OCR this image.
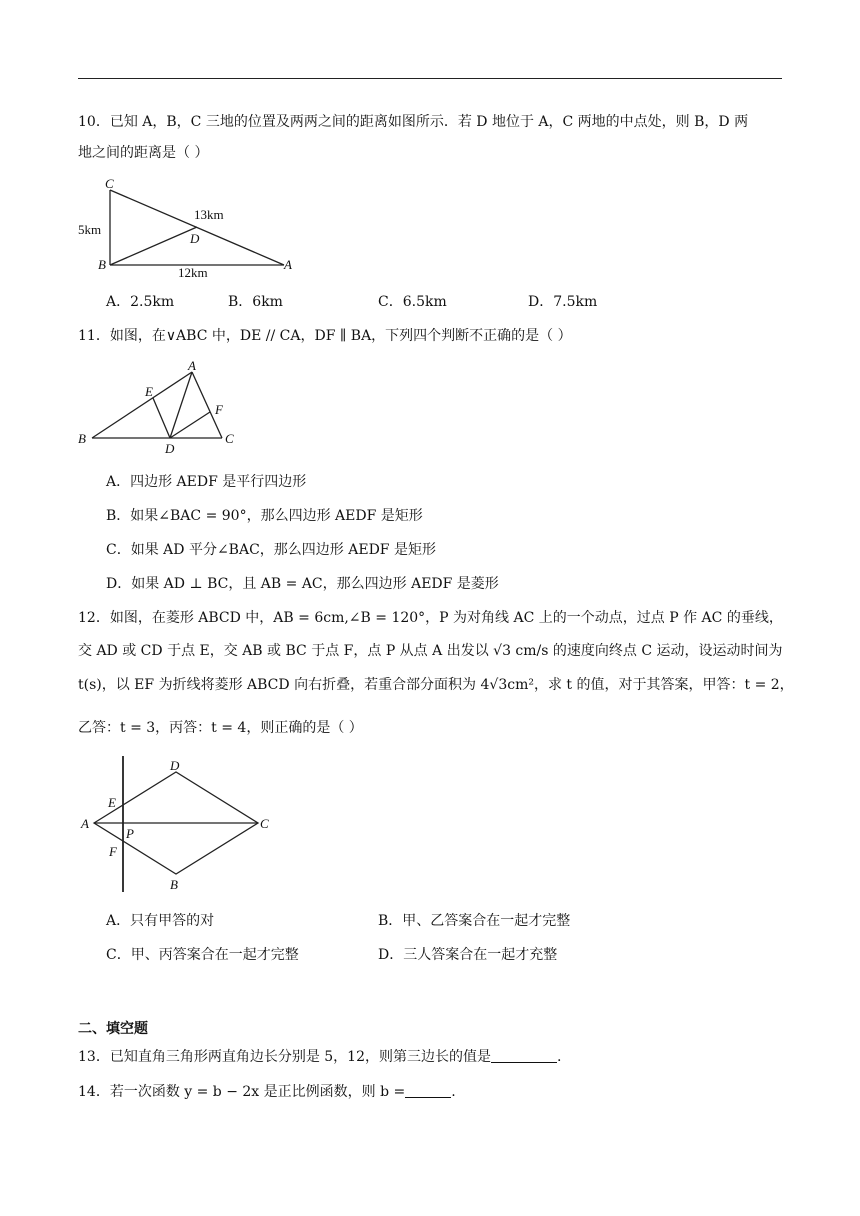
10．已知 A，B，C 三地的位置及两两之间的距离如图所示．若 D 地位于 A，C 两地的中点处，则 B，D 两
地之间的距离是（ ）
C
B	A
D
5km
13km
12km
A．2.5km	B．6km	C．6.5km	D．7.5km
11．如图，在∨ABC 中，DE // CA，DF ∥ BA，下列四个判断不正确的是（ ）
A
B	C
D
E
F
A．四边形 AEDF 是平行四边形
B．如果∠BAC = 90°，那么四边形 AEDF 是矩形
C．如果 AD 平分∠BAC，那么四边形 AEDF 是矩形
D．如果 AD ⊥ BC，且 AB = AC，那么四边形 AEDF 是菱形
12．如图，在菱形 ABCD 中，AB = 6cm,∠B = 120°，P 为对角线 AC 上的一个动点，过点 P 作 AC 的垂线，
交 AD 或 CD 于点 E，交 AB 或 BC 于点 F，点 P 从点 A 出发以 √3 cm/s 的速度向终点 C 运动，设运动时间为
t(s)，以 EF 为折线将菱形 ABCD 向右折叠，若重合部分面积为 4√3cm²，求 t 的值，对于其答案，甲答：t = 2，
乙答：t = 3，丙答：t = 4，则正确的是（ ）
A	C
D
B
E
P
F
A．只有甲答的对	B．甲、乙答案合在一起才完整
C．甲、丙答案合在一起才完整	D．三人答案合在一起才充整
二、填空题
13．已知直角三角形两直角边长分别是 5，12，则第三边长的值是	.
14．若一次函数 y = b − 2x 是正比例函数，则 b =	.
